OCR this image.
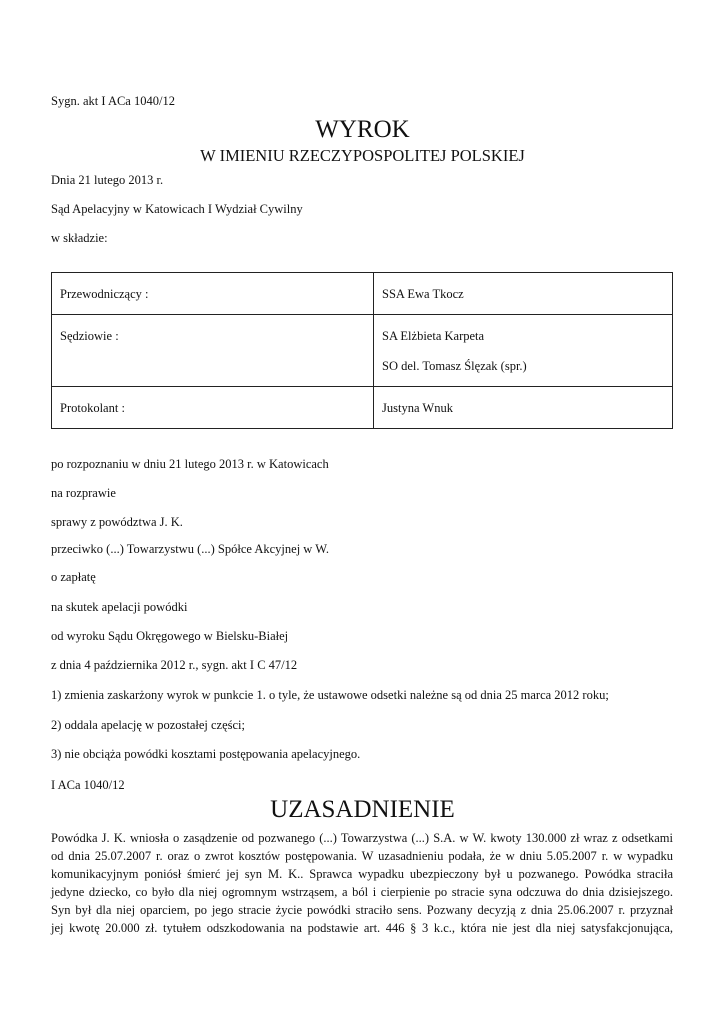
Sygn. akt I ACa 1040/12
WYROK
W IMIENIU RZECZYPOSPOLITEJ POLSKIEJ
Dnia 21 lutego 2013 r.
Sąd Apelacyjny w Katowicach I Wydział Cywilny
w składzie:
Przewodniczący :	SSA Ewa Tkocz

Sędziowie :	SA Elżbieta Karpeta
SO del. Tomasz Ślęzak (spr.)

Protokolant :	Justyna Wnuk
po rozpoznaniu w dniu 21 lutego 2013 r. w Katowicach
na rozprawie
sprawy z powództwa J. K.
przeciwko (...) Towarzystwu (...) Spółce Akcyjnej w W.
o zapłatę
na skutek apelacji powódki
od wyroku Sądu Okręgowego w Bielsku-Białej
z dnia 4 października 2012 r., sygn. akt I C 47/12
1) zmienia zaskarżony wyrok w punkcie 1. o tyle, że ustawowe odsetki należne są od dnia 25 marca 2012 roku;
2) oddala apelację w pozostałej części;
3) nie obciąża powódki kosztami postępowania apelacyjnego.
I ACa 1040/12
UZASADNIENIE
Powódka J. K. wniosła o zasądzenie od pozwanego (...) Towarzystwa (...) S.A. w W. kwoty 130.000 zł wraz z odsetkami
od dnia 25.07.2007 r. oraz o zwrot kosztów postępowania. W uzasadnieniu podała, że w dniu 5.05.2007 r. w wypadku
komunikacyjnym poniósł śmierć jej syn M. K.. Sprawca wypadku ubezpieczony był u pozwanego. Powódka straciła
jedyne dziecko, co było dla niej ogromnym wstrząsem, a ból i cierpienie po stracie syna odczuwa do dnia dzisiejszego.
Syn był dla niej oparciem, po jego stracie życie powódki straciło sens. Pozwany decyzją z dnia 25.06.2007 r. przyznał
jej kwotę 20.000 zł. tytułem odszkodowania na podstawie art. 446 § 3 k.c., która nie jest dla niej satysfakcjonująca,
